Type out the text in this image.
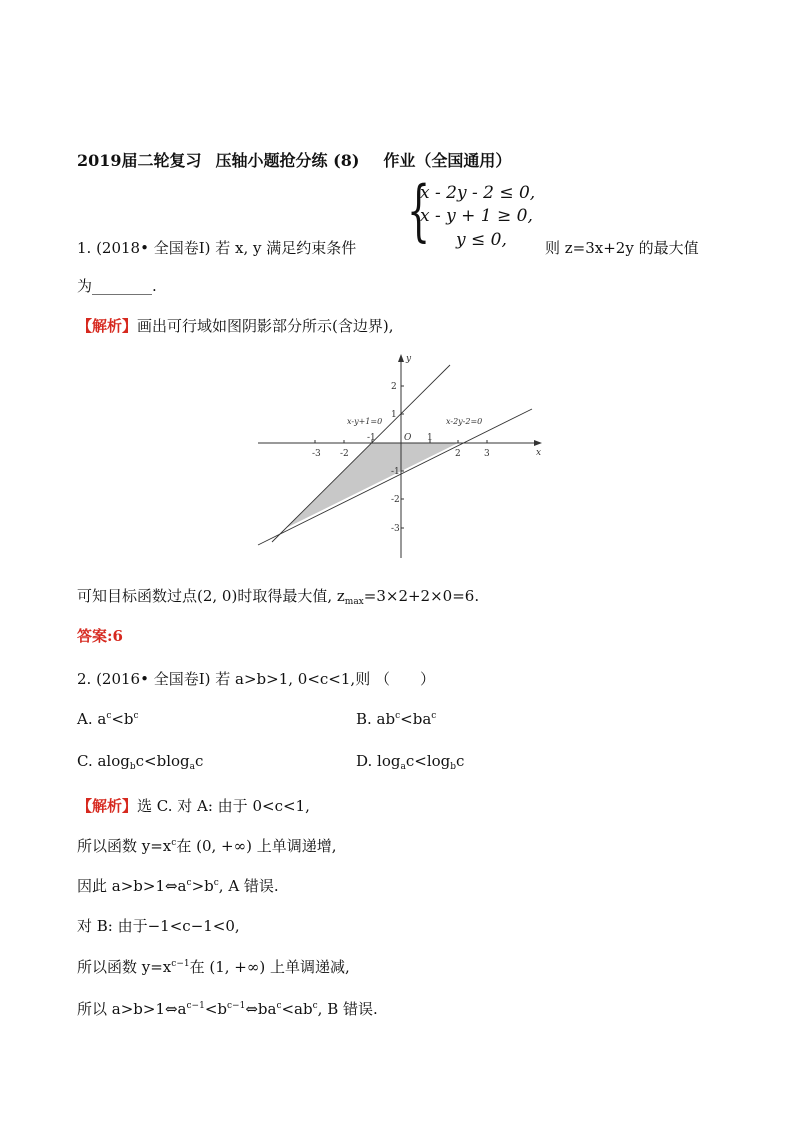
2019届二轮复习 压轴小题抢分练 (8) 作业（全国通用）
{
x - 2y - 2 ≤ 0,
x - y + 1 ≥ 0,
y ≤ 0,
1. (2018• 全国卷Ⅰ) 若 x, y 满足约束条件	则 z=3x+2y 的最大值
为________.
【解析】画出可行域如图阴影部分所示(含边界),
-3 -2
-1	1
2	3
2
1
-1
-2
-3
x
y
O
x-y+1=0	x-2y-2=0
可知目标函数过点(2, 0)时取得最大值, $z_{max}=3\times 2+2\times 0=6$.
答案:6
2. (2016• 全国卷Ⅰ) 若 a>b>1, 0<c<1,则 （　　）
A. $a^c<b^c$	B. $ab^c<ba^c$
C. alog$_b$c<blog$_a$c	D. $\log_ac<\log_bc$
【解析】选 C. 对 A: 由于 0<c<1,
所以函数 $y=x^c$在 (0, +∞) 上单调递增,
因此 $a>b>1\Leftrightarrow a^c>b^c$, A 错误.
对 B: 由于−1<c−1<0,
所以函数 $y=x^{c-1}$在 (1, +∞) 上单调递减,
所以 $a>b>1\Leftrightarrow a^{c-1}<b^{c-1}\Leftrightarrow ba^c<ab^c$, B 错误.
